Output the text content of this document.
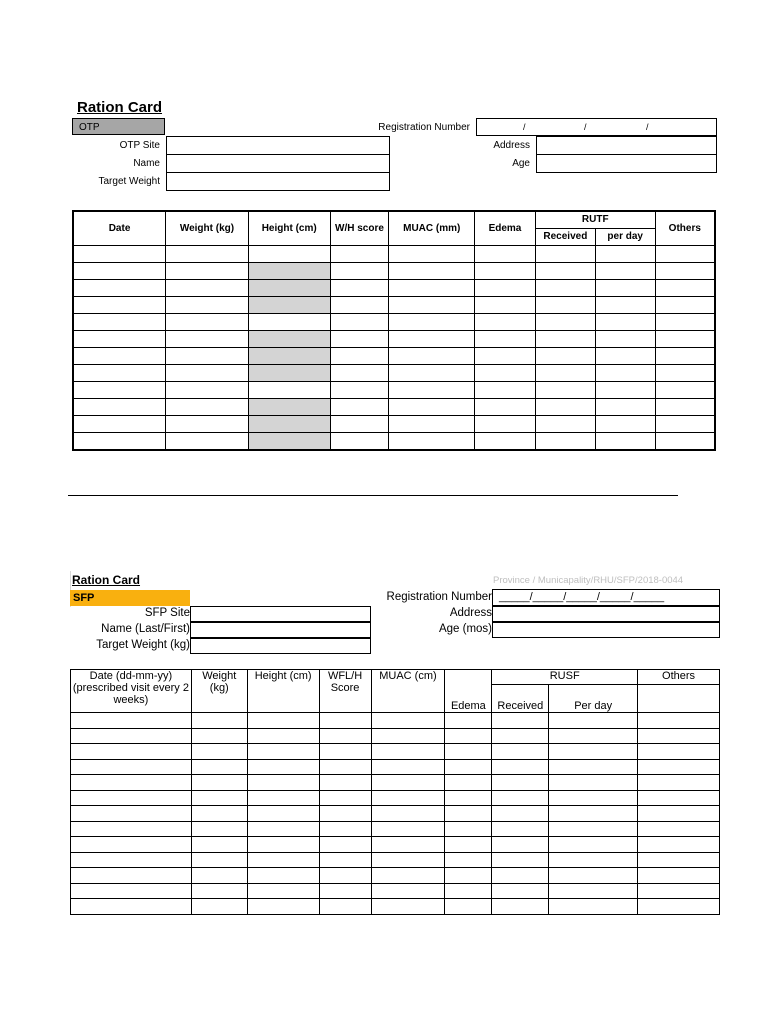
Ration Card
OTP
OTP Site
Name
Target Weight
Registration Number	/	/	/
Address
Age
Date	Weight (kg)	Height (cm)	W/H score	MUAC (mm)	Edema	RUTF		Others
						Received	per day	

Ration Card	Province / Municapality/RHU/SFP/2018-0044
SFP
SFP Site
Name (Last/First)
Target Weight (kg)
Registration Number _____/_____/_____/_____/_____
Address
Age (mos)
Date (dd-mm-yy) (prescribed visit every 2 weeks)	Weight (kg)	Height (cm)	WFL/H Score	MUAC (cm)	Edema	RUSF		Others
						Received	Per day	
